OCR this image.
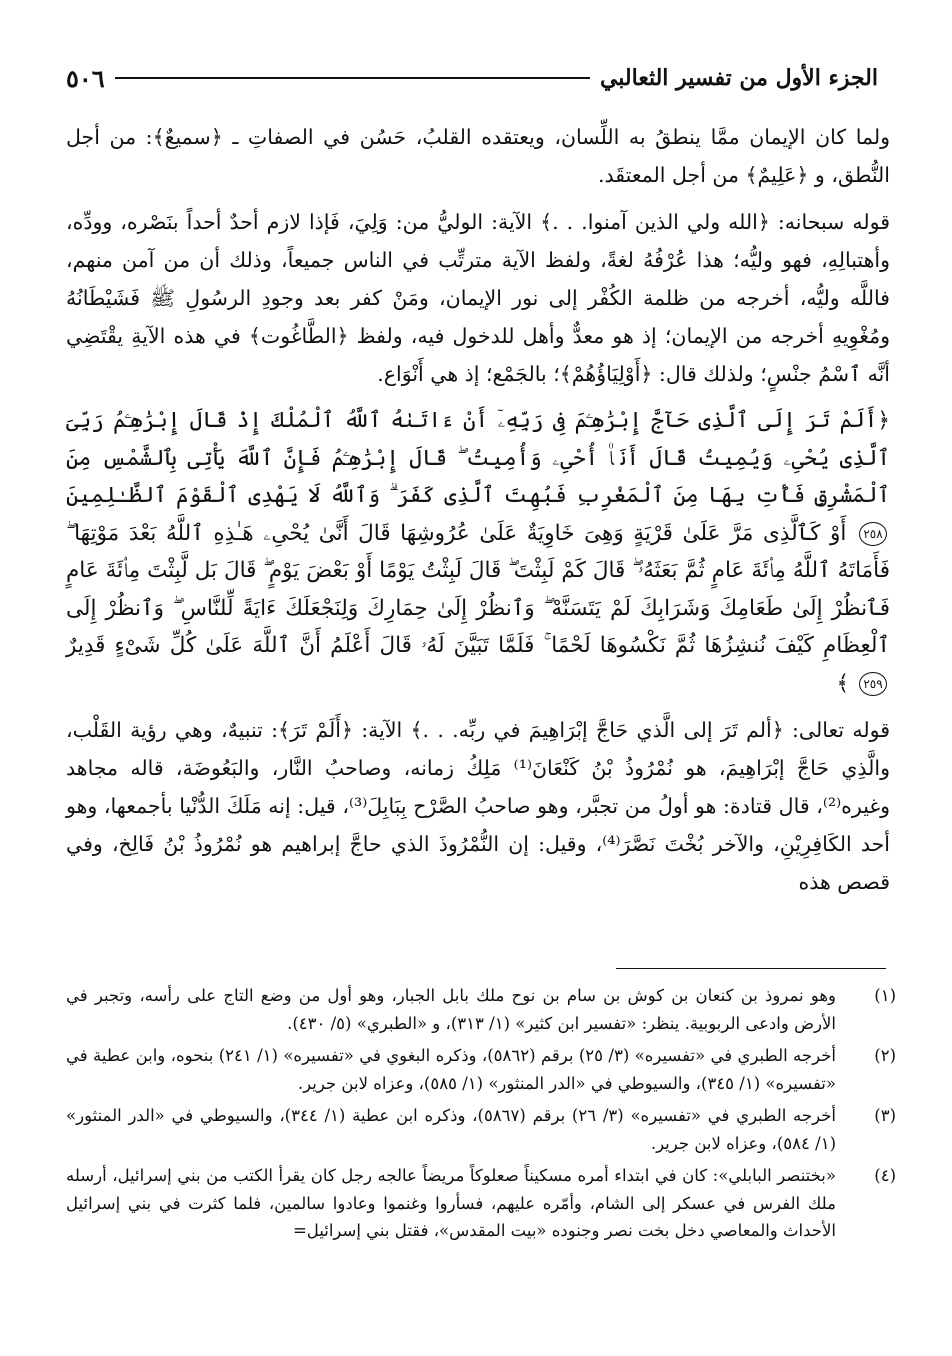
الجزء الأول من تفسير الثعالبي
٥٠٦

ولما كان الإيمان ممَّا ينطقُ به اللِّسان، ويعتقده القلبُ، حَسُن في الصفاتِ ـ ﴿سميعٌ﴾: من أجل النُّطق، و ﴿عَلِيمٌ﴾ من أجل المعتقَد.

قوله سبحانه: ﴿الله ولي الذين آمنوا. . .﴾ الآية: الوليُّ من: وَلِيَ، فَإذا لازم أحدٌ أحداً بنَصْره، وودِّه، وأهتبالِهِ، فهو وليُّه؛ هذا عُرْفُهُ لغةً، ولفظ الآية مترتِّب في الناس جميعاً، وذلك أن من آمن منهم، فاللَّه وليُّه، أخرجه من ظلمة الكُفْر إلى نور الإيمان، ومَنْ كفر بعد وجودِ الرسُولِ ﷺ فَشَيْطَانُهُ ومُغْوِيهِ أخرجه من الإيمان؛ إذ هو معدٌّ وأهل للدخول فيه، ولفظ ﴿الطَّاغُوت﴾ في هذه الآيةِ يقْتَضِي أنَّه ٱسْمُ جنْسٍ؛ ولذلك قال: ﴿أَوْلِيَاؤُهُمْ﴾؛ بالجَمْع؛ إذ هي أَنْوَاع.

﴿أَلَمْ تَرَ إِلَى ٱلَّذِى حَآجَّ إِبْرَٰهِـۧمَ فِى رَبِّهِۦٓ أَنْ ءَاتَىٰهُ ٱللَّهُ ٱلْمُلْكَ إِذْ قَالَ إِبْرَٰهِـۧمُ رَبِّىَ ٱلَّذِى يُحْىِۦ وَيُمِيتُ قَالَ أَنَا۠ أُحْىِۦ وَأُمِيتُ ۖ قَالَ إِبْرَٰهِـۧمُ فَإِنَّ ٱللَّهَ يَأْتِى بِٱلشَّمْسِ مِنَ ٱلْمَشْرِقِ فَأْتِ بِهَا مِنَ ٱلْمَغْرِبِ فَبُهِتَ ٱلَّذِى كَفَرَ ۗ وَٱللَّهُ لَا يَهْدِى ٱلْقَوْمَ ٱلظَّـٰلِمِينَ ٢٥٨ أَوْ كَٱلَّذِى مَرَّ عَلَىٰ قَرْيَةٍ وَهِىَ خَاوِيَةٌ عَلَىٰ عُرُوشِهَا قَالَ أَنَّىٰ يُحْىِۦ هَـٰذِهِ ٱللَّهُ بَعْدَ مَوْتِهَا ۖ فَأَمَاتَهُ ٱللَّهُ مِا۟ئَةَ عَامٍ ثُمَّ بَعَثَهُۥ ۖ قَالَ كَمْ لَبِثْتَ ۖ قَالَ لَبِثْتُ يَوْمًا أَوْ بَعْضَ يَوْمٍ ۖ قَالَ بَل لَّبِثْتَ مِا۟ئَةَ عَامٍ فَٱنظُرْ إِلَىٰ طَعَامِكَ وَشَرَابِكَ لَمْ يَتَسَنَّهْ ۖ وَٱنظُرْ إِلَىٰ حِمَارِكَ وَلِنَجْعَلَكَ ءَايَةً لِّلنَّاسِ ۖ وَٱنظُرْ إِلَى ٱلْعِظَامِ كَيْفَ نُنشِزُهَا ثُمَّ نَكْسُوهَا لَحْمًا ۚ فَلَمَّا تَبَيَّنَ لَهُۥ قَالَ أَعْلَمُ أَنَّ ٱللَّهَ عَلَىٰ كُلِّ شَىْءٍ قَدِيرٌ ٢٥٩ ﴾

قوله تعالى: ﴿ألم تَرَ إلى الَّذي حَاجَّ إبْرَاهِيمَ في ربِّه. . .﴾ الآية: ﴿أَلَمْ تَرَ﴾: تنبيهٌ، وهي رؤية القَلْب، والَّذِي حَاجَّ إبْرَاهِيمَ، هو نُمْرُوذُ بْنُ كَنْعَانَ⁽¹⁾ مَلِكُ زمانه، وصاحبُ النَّار، والبَعُوضَة، قاله مجاهد وغيره⁽²⁾، قال قتادة: هو أولُ من تجبَّر، وهو صاحبُ الصَّرْح بِبَابِلَ⁽³⁾، قيل: إنه مَلَكَ الدُّنْيا بأجمعها، وهو أحد الكَافِرِيْنِ، والآخر بُخْتَ نَصَّرَ⁽⁴⁾، وقيل: إن النُّمْرُوذَ الذي حاجَّ إبراهيم هو نُمْرُوذُ بْنُ فَالِخ، وفي قصص هذه

(١)
وهو نمروذ بن كنعان بن كوش بن سام بن نوح ملك بابل الجبار، وهو أول من وضع التاج على رأسه، وتجبر في الأرض وادعى الربوبية. ينظر: «تفسير ابن كثير» (١/ ٣١٣)، و «الطبري» (٥/ ٤٣٠).
(٢)
أخرجه الطبري في «تفسيره» (٣/ ٢٥) برقم (٥٨٦٢)، وذكره البغوي في «تفسيره» (١/ ٢٤١) بنحوه، وابن عطية في «تفسيره» (١/ ٣٤٥)، والسيوطي في «الدر المنثور» (١/ ٥٨٥)، وعزاه لابن جرير.
(٣)
أخرجه الطبري في «تفسيره» (٣/ ٢٦) برقم (٥٨٦٧)، وذكره ابن عطية (١/ ٣٤٤)، والسيوطي في «الدر المنثور» (١/ ٥٨٤)، وعزاه لابن جرير.
(٤)
«بختنصر البابلي»: كان في ابتداء أمره مسكيناً صعلوكاً مريضاً عالجه رجل كان يقرأ الكتب من بني إسرائيل، أرسله ملك الفرس في عسكر إلى الشام، وأمّره عليهم، فسأروا وغنموا وعادوا سالمين، فلما كثرت في بني إسرائيل الأحداث والمعاصي دخل بخت نصر وجنوده «بيت المقدس»، فقتل بني إسرائيل=
